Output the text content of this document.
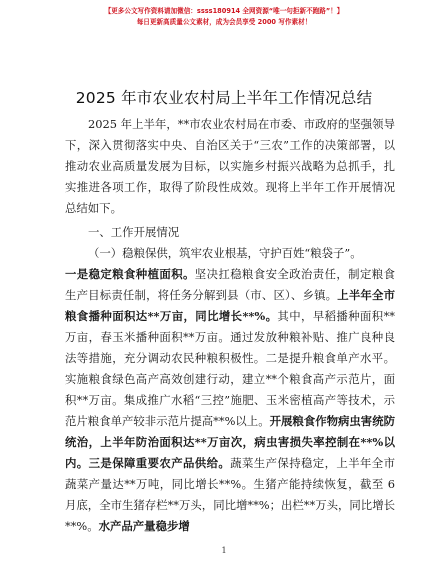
【更多公文写作资料请加微信：ssss180914 全网资源“唯一句拒新不跑路”！】
每日更新高质量公文素材，成为会员享受 2000 写作素材！
2025 年市农业农村局上半年工作情况总结

2025 年上半年，**市农业农村局在市委、市政府的坚强领导下，深入贯彻落实中央、自治区关于“三农”工作的决策部署，以推动农业高质量发展为目标，以实施乡村振兴战略为总抓手，扎实推进各项工作，取得了阶段性成效。现将上半年工作开展情况总结如下。

一、工作开展情况

（一）稳粮保供，筑牢农业根基，守护百姓“粮袋子”。

一是稳定粮食种植面积。坚决扛稳粮食安全政治责任，制定粮食生产目标责任制，将任务分解到县（市、区）、乡镇。上半年全市粮食播种面积达**万亩，同比增长**%。其中，早稻播种面积**万亩，春玉米播种面积**万亩。通过发放种粮补贴、推广良种良法等措施，充分调动农民种粮积极性。二是提升粮食单产水平。实施粮食绿色高产高效创建行动，建立**个粮食高产示范片，面积**万亩。集成推广水稻“三控”施肥、玉米密植高产等技术，示范片粮食单产较非示范片提高**%以上。开展粮食作物病虫害统防统治，上半年防治面积达**万亩次，病虫害损失率控制在**%以内。三是保障重要农产品供给。蔬菜生产保持稳定，上半年全市蔬菜产量达**万吨，同比增长**%。生猪产能持续恢复，截至 6 月底，全市生猪存栏**万头，同比增**%；出栏**万头，同比增长**%。水产品产量稳步增

1
